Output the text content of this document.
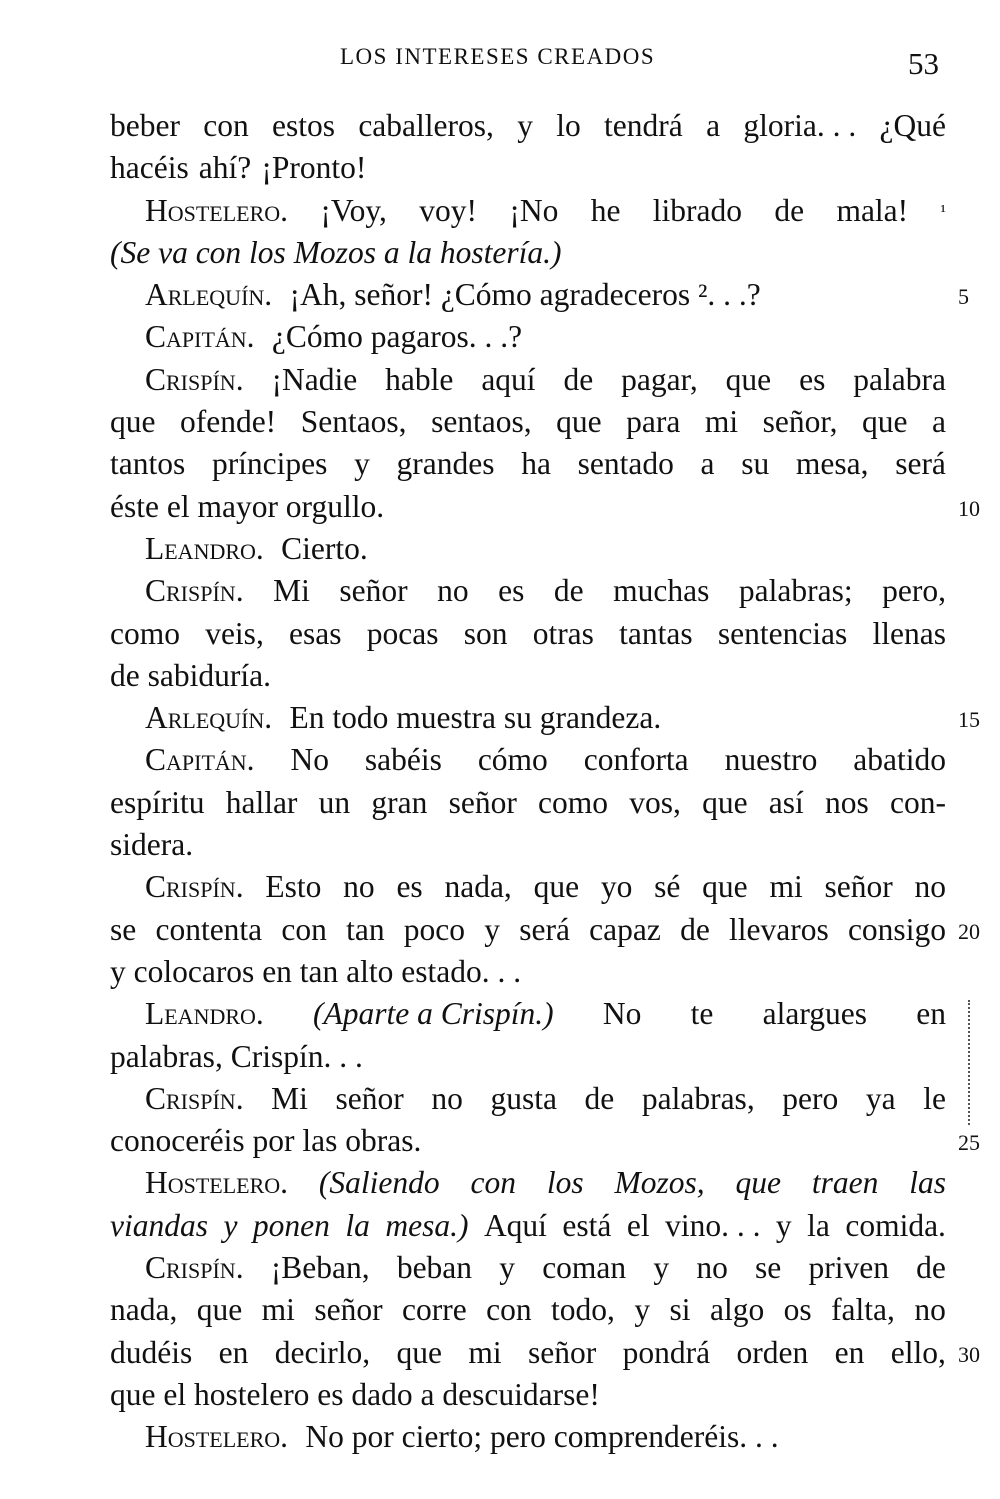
LOS INTERESES CREADOS	53
beber con estos caballeros, y lo tendrá a gloria. . . ¿Qué
hacéis ahí? ¡Pronto!
Hostelero. ¡Voy, voy! ¡No he librado de mala! ¹
(Se va con los Mozos a la hostería.)
Arlequín. ¡Ah, señor! ¿Cómo agradeceros ². . .?
Capitán. ¿Cómo pagaros. . .?
Crispín. ¡Nadie hable aquí de pagar, que es palabra
que ofende! Sentaos, sentaos, que para mi señor, que a
tantos príncipes y grandes ha sentado a su mesa, será
éste el mayor orgullo.
Leandro. Cierto.
Crispín. Mi señor no es de muchas palabras; pero,
como veis, esas pocas son otras tantas sentencias llenas
de sabiduría.
Arlequín. En todo muestra su grandeza.
Capitán. No sabéis cómo conforta nuestro abatido
espíritu hallar un gran señor como vos, que así nos con-
sidera.
Crispín. Esto no es nada, que yo sé que mi señor no
se contenta con tan poco y será capaz de llevaros consigo
y colocaros en tan alto estado. . .
Leandro. (Aparte a Crispín.) No te alargues en
palabras, Crispín. . .
Crispín. Mi señor no gusta de palabras, pero ya le
conoceréis por las obras.
Hostelero. (Saliendo con los Mozos, que traen las
viandas y ponen la mesa.) Aquí está el vino. . . y la comida.
Crispín. ¡Beban, beban y coman y no se priven de
nada, que mi señor corre con todo, y si algo os falta, no
dudéis en decirlo, que mi señor pondrá orden en ello,
que el hostelero es dado a descuidarse!
Hostelero. No por cierto; pero comprenderéis. . .
5
10
15
20
25
30
